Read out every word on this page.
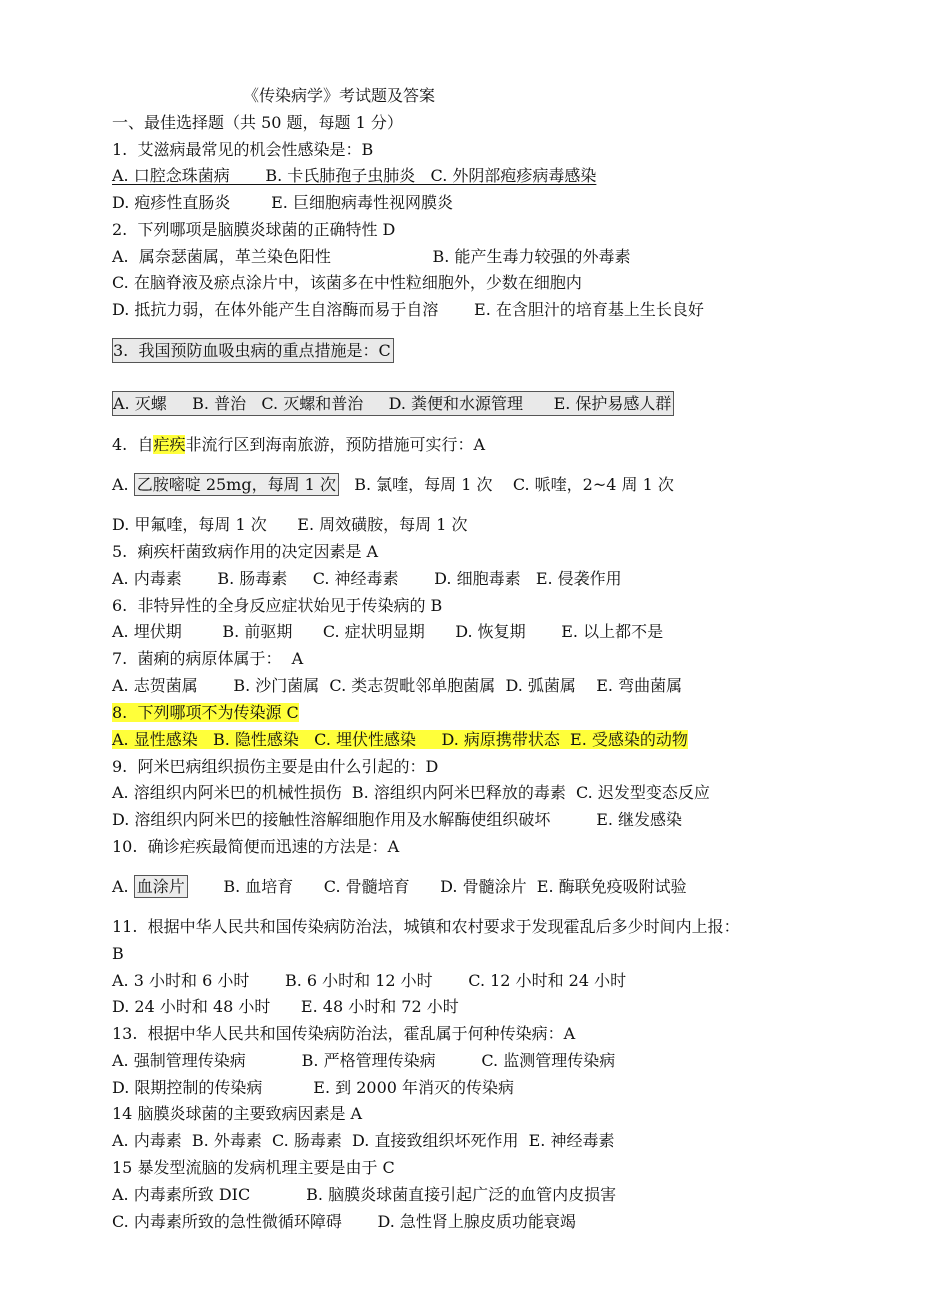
《传染病学》考试题及答案
一、最佳选择题（共 50 题，每题 1 分）
1.  艾滋病最常见的机会性感染是：B
A. 口腔念珠菌病       B. 卡氏肺孢子虫肺炎   C. 外阴部疱疹病毒感染
D. 疱疹性直肠炎        E. 巨细胞病毒性视网膜炎
2.  下列哪项是脑膜炎球菌的正确特性 D
A.  属奈瑟菌属，革兰染色阳性                    B. 能产生毒力较强的外毒素
C. 在脑脊液及瘀点涂片中，该菌多在中性粒细胞外，少数在细胞内
D. 抵抗力弱，在体外能产生自溶酶而易于自溶       E. 在含胆汁的培育基上生长良好
3.  我国预防血吸虫病的重点措施是：C
A. 灭螺     B. 普治   C. 灭螺和普治     D. 粪便和水源管理      E. 保护易感人群
4.  自疟疾非流行区到海南旅游，预防措施可实行：A
A. 乙胺嘧啶 25mg，每周 1 次   B. 氯喹，每周 1 次    C. 哌喹，2~4 周 1 次
D. 甲氟喹，每周 1 次      E. 周效磺胺，每周 1 次
5.  痢疾杆菌致病作用的决定因素是 A
A. 内毒素       B. 肠毒素     C. 神经毒素       D. 细胞毒素   E. 侵袭作用
6.  非特异性的全身反应症状始见于传染病的 B
A. 埋伏期        B. 前驱期      C. 症状明显期      D. 恢复期       E. 以上都不是
7.  菌痢的病原体属于：  A
A. 志贺菌属       B. 沙门菌属  C. 类志贺毗邻单胞菌属  D. 弧菌属    E. 弯曲菌属
8.  下列哪项不为传染源 C
A. 显性感染   B. 隐性感染   C. 埋伏性感染     D. 病原携带状态  E. 受感染的动物
9.  阿米巴病组织损伤主要是由什么引起的：D
A. 溶组织内阿米巴的机械性损伤  B. 溶组织内阿米巴释放的毒素  C. 迟发型变态反应
D. 溶组织内阿米巴的接触性溶解细胞作用及水解酶使组织破坏         E. 继发感染
10.  确诊疟疾最简便而迅速的方法是：A
A. 血涂片       B. 血培育      C. 骨髓培育      D. 骨髓涂片  E. 酶联免疫吸附试验
11.  根据中华人民共和国传染病防治法，城镇和农村要求于发现霍乱后多少时间内上报：
B
A. 3 小时和 6 小时       B. 6 小时和 12 小时       C. 12 小时和 24 小时
D. 24 小时和 48 小时      E. 48 小时和 72 小时
13.  根据中华人民共和国传染病防治法，霍乱属于何种传染病：A
A. 强制管理传染病           B. 严格管理传染病         C. 监测管理传染病
D. 限期控制的传染病          E. 到 2000 年消灭的传染病
14 脑膜炎球菌的主要致病因素是 A
A. 内毒素  B. 外毒素  C. 肠毒素  D. 直接致组织坏死作用  E. 神经毒素
15 暴发型流脑的发病机理主要是由于 C
A. 内毒素所致 DIC           B. 脑膜炎球菌直接引起广泛的血管内皮损害
C. 内毒素所致的急性微循环障碍       D. 急性肾上腺皮质功能衰竭
